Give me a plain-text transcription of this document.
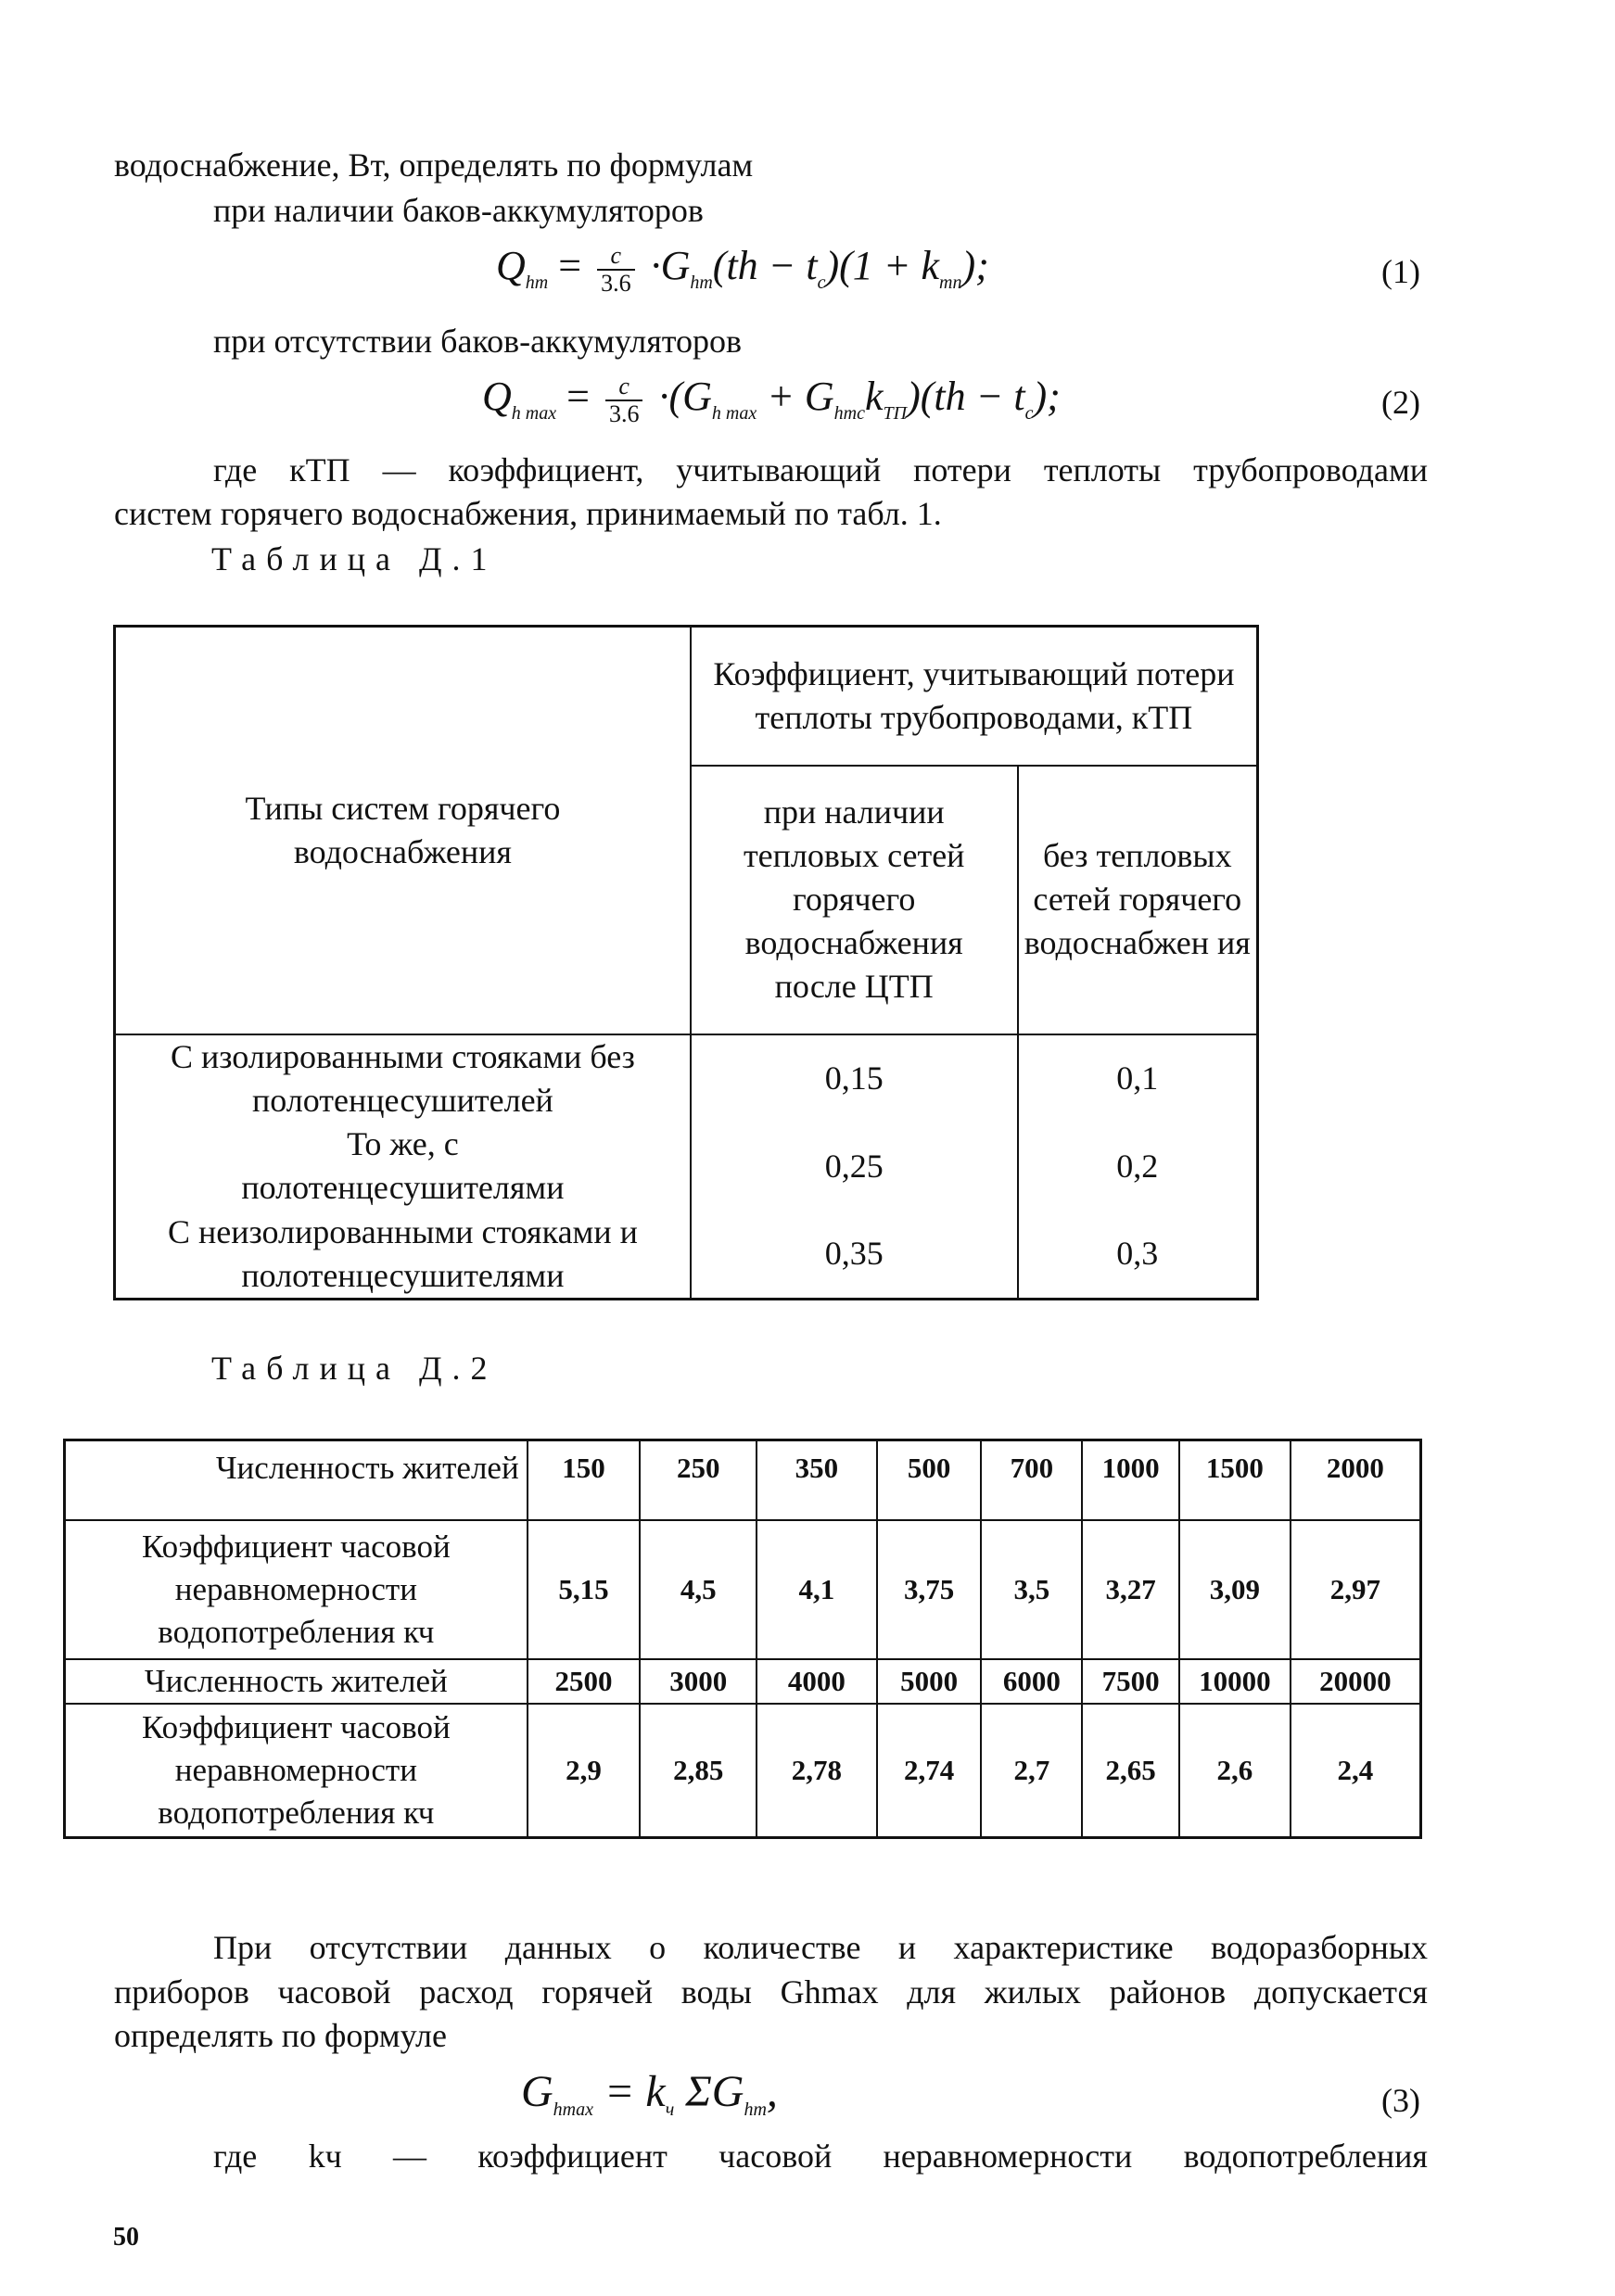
водоснабжение, Вт, определять по формулам
при наличии баков-аккумуляторов
$Q_{hm} = \frac{c}{3.6} \cdot G_{hm}(th - t_c)(1 + k_{mn})$;	(1)
при отсутствии баков-аккумуляторов
$Q_{h max} = \frac{c}{3.6} \cdot(G_{h max} + G_{hmc}k_{ТП})(th - t_c)$;	(2)
где кТП — коэффициент, учитывающий потери теплоты трубопроводами
систем горячего водоснабжения, принимаемый по табл. 1.
Таблица Д.1
Типы систем горячего водоснабжения	Коэффициент, учитывающий потери теплоты трубопроводами, кТП	
	при наличии тепловых сетей горячего водоснабжения после ЦТП	без тепловых сетей горячего водоснабжен ия
С изолированными стояками без полотенцесушителей	0,15	0,1
То же, с полотенцесушителями	0,25	0,2
С неизолированными стояками и полотенцесушителями	0,35	0,3
Таблица Д.2
Численность жителей	150	250	350	500	700	1000	1500	2000
Коэффициент часовой неравномерности водопотребления кч	5,15	4,5	4,1	3,75	3,5	3,27	3,09	2,97
Численность жителей	2500	3000	4000	5000	6000	7500	10000	20000
Коэффициент часовой неравномерности водопотребления кч	2,9	2,85	2,78	2,74	2,7	2,65	2,6	2,4
При отсутствии данных о количестве и характеристике водоразборных
приборов часовой расход горячей воды Ghmax для жилых районов допускается
определять по формуле
$G_{hmax} = k_ч$ $\Sigma G_{hm}$,	(3)
где kч — коэффициент часовой неравномерности водопотребления
50
